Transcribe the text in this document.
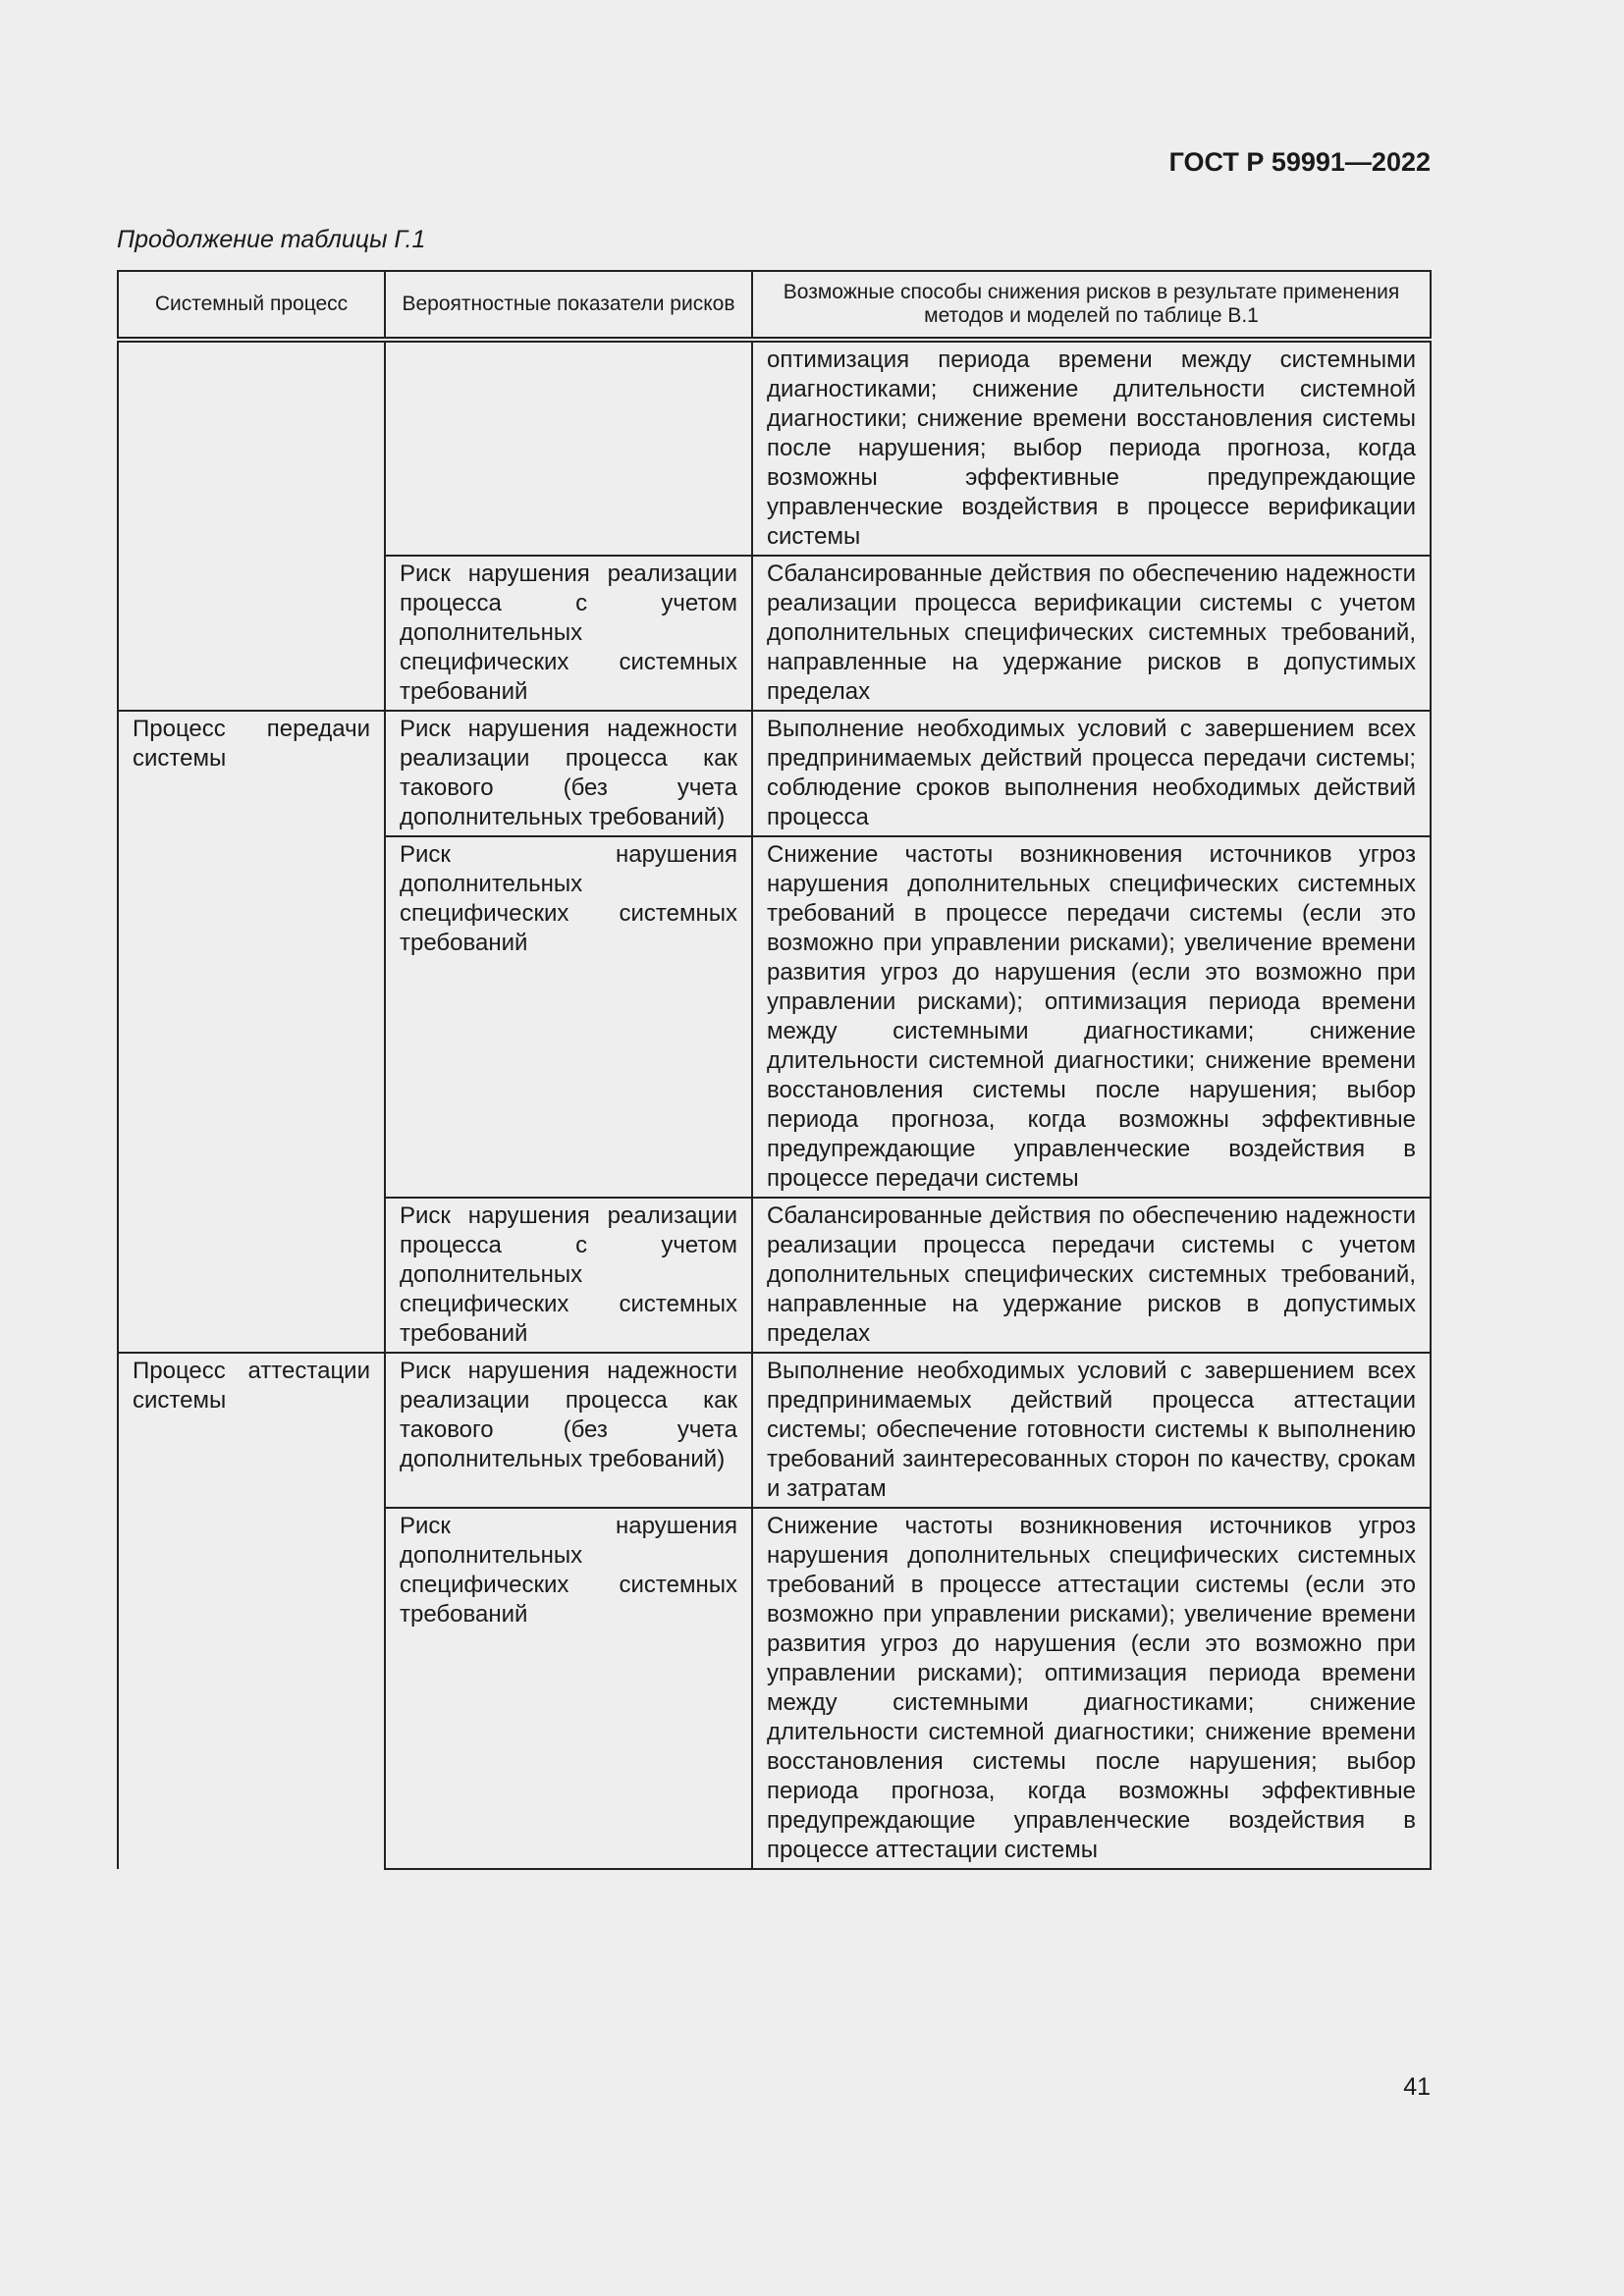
ГОСТ Р 59991—2022
Продолжение таблицы Г.1
Системный процесс	Вероятностные показатели рисков	Возможные способы снижения рисков в результате применения методов и моделей по таблице В.1
		оптимизация периода времени между системными диагностиками; снижение длительности системной диагностики; снижение времени восстановления системы после нарушения; выбор периода прогноза, когда возможны эффективные предупреждающие управленческие воздействия в процессе верификации системы
	Риск нарушения реализации процесса с учетом дополнительных специфических системных требований	Сбалансированные действия по обеспечению надежности реализации процесса верификации системы с учетом дополнительных специфических системных требований, направленные на удержание рисков в допустимых пределах
Процесс передачи системы	Риск нарушения надежности реализации процесса как такового (без учета дополнительных требований)	Выполнение необходимых условий с завершением всех предпринимаемых действий процесса передачи системы; соблюдение сроков выполнения необходимых действий процесса
	Риск нарушения дополнительных специфических системных требований	Снижение частоты возникновения источников угроз нарушения дополнительных специфических системных требований в процессе передачи системы (если это возможно при управлении рисками); увеличение времени развития угроз до нарушения (если это возможно при управлении рисками); оптимизация периода времени между системными диагностиками; снижение длительности системной диагностики; снижение времени восстановления системы после нарушения; выбор периода прогноза, когда возможны эффективные предупреждающие управленческие воздействия в процессе передачи системы
	Риск нарушения реализации процесса с учетом дополнительных специфических системных требований	Сбалансированные действия по обеспечению надежности реализации процесса передачи системы с учетом дополнительных специфических системных требований, направленные на удержание рисков в допустимых пределах
Процесс аттестации системы	Риск нарушения надежности реализации процесса как такового (без учета дополнительных требований)	Выполнение необходимых условий с завершением всех предпринимаемых действий процесса аттестации системы; обеспечение готовности системы к выполнению требований заинтересованных сторон по качеству, срокам и затратам
	Риск нарушения дополнительных специфических системных требований	Снижение частоты возникновения источников угроз нарушения дополнительных специфических системных требований в процессе аттестации системы (если это возможно при управлении рисками); увеличение времени развития угроз до нарушения (если это возможно при управлении рисками); оптимизация периода времени между системными диагностиками; снижение длительности системной диагностики; снижение времени восстановления системы после нарушения; выбор периода прогноза, когда возможны эффективные предупреждающие управленческие воздействия в процессе аттестации системы
41
